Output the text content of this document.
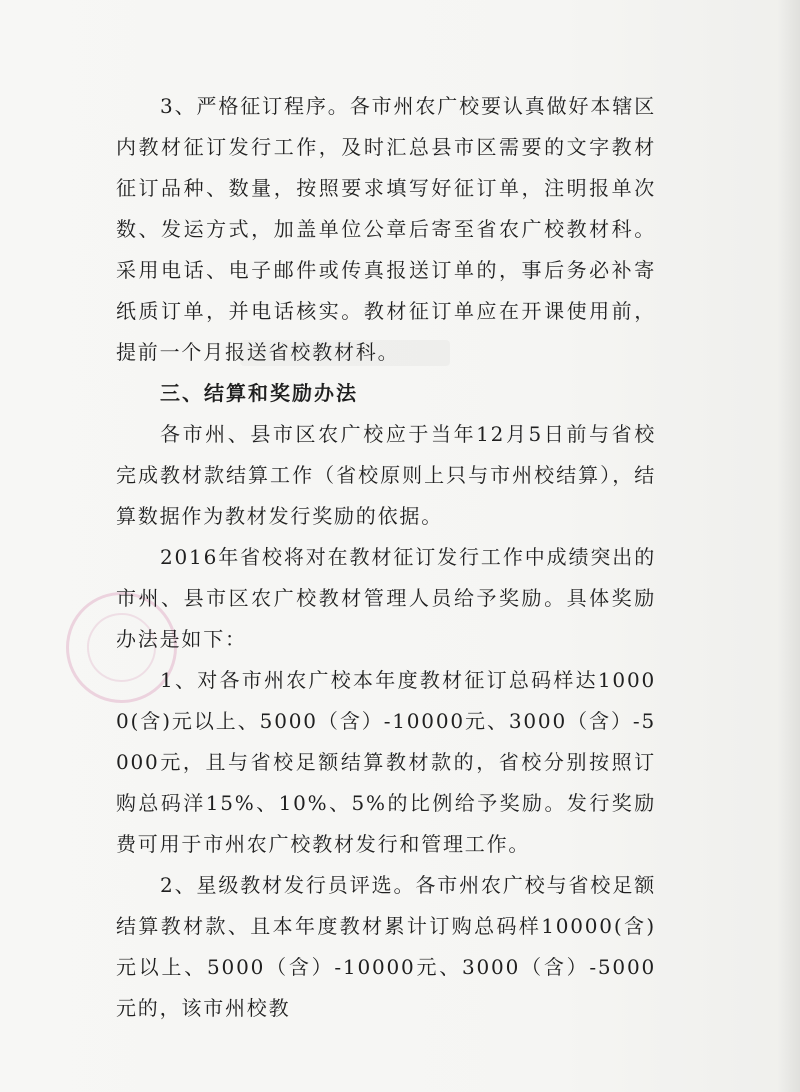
3、严格征订程序。各市州农广校要认真做好本辖区内教材征订发行工作，及时汇总县市区需要的文字教材征订品种、数量，按照要求填写好征订单，注明报单次数、发运方式，加盖单位公章后寄至省农广校教材科。采用电话、电子邮件或传真报送订单的，事后务必补寄纸质订单，并电话核实。教材征订单应在开课使用前，提前一个月报送省校教材科。

三、结算和奖励办法

各市州、县市区农广校应于当年12月5日前与省校完成教材款结算工作（省校原则上只与市州校结算），结算数据作为教材发行奖励的依据。

2016年省校将对在教材征订发行工作中成绩突出的市州、县市区农广校教材管理人员给予奖励。具体奖励办法是如下：

1、对各市州农广校本年度教材征订总码样达10000(含)元以上、5000（含）-10000元、3000（含）-5000元，且与省校足额结算教材款的，省校分别按照订购总码洋15%、10%、5%的比例给予奖励。发行奖励费可用于市州农广校教材发行和管理工作。

2、星级教材发行员评选。各市州农广校与省校足额结算教材款、且本年度教材累计订购总码样10000(含)元以上、5000（含）-10000元、3000（含）-5000元的，该市州校教
